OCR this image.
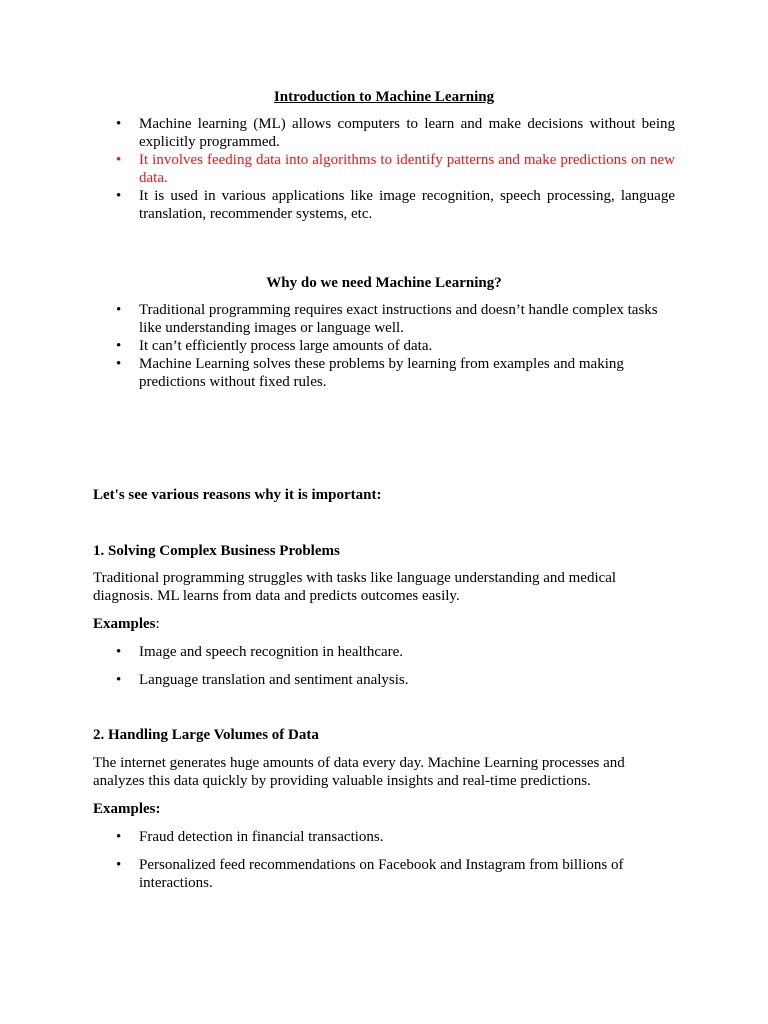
Introduction to Machine Learning

• Machine learning (ML) allows computers to learn and make decisions without being explicitly programmed.
• It involves feeding data into algorithms to identify patterns and make predictions on new data.
• It is used in various applications like image recognition, speech processing, language translation, recommender systems, etc.

Why do we need Machine Learning?

• Traditional programming requires exact instructions and doesn’t handle complex tasks like understanding images or language well.
• It can’t efficiently process large amounts of data.
• Machine Learning solves these problems by learning from examples and making predictions without fixed rules.

Let's see various reasons why it is important:

1. Solving Complex Business Problems

Traditional programming struggles with tasks like language understanding and medical diagnosis. ML learns from data and predicts outcomes easily.

Examples:

• Image and speech recognition in healthcare.
• Language translation and sentiment analysis.

2. Handling Large Volumes of Data

The internet generates huge amounts of data every day. Machine Learning processes and analyzes this data quickly by providing valuable insights and real-time predictions.

Examples:

• Fraud detection in financial transactions.
• Personalized feed recommendations on Facebook and Instagram from billions of interactions.
